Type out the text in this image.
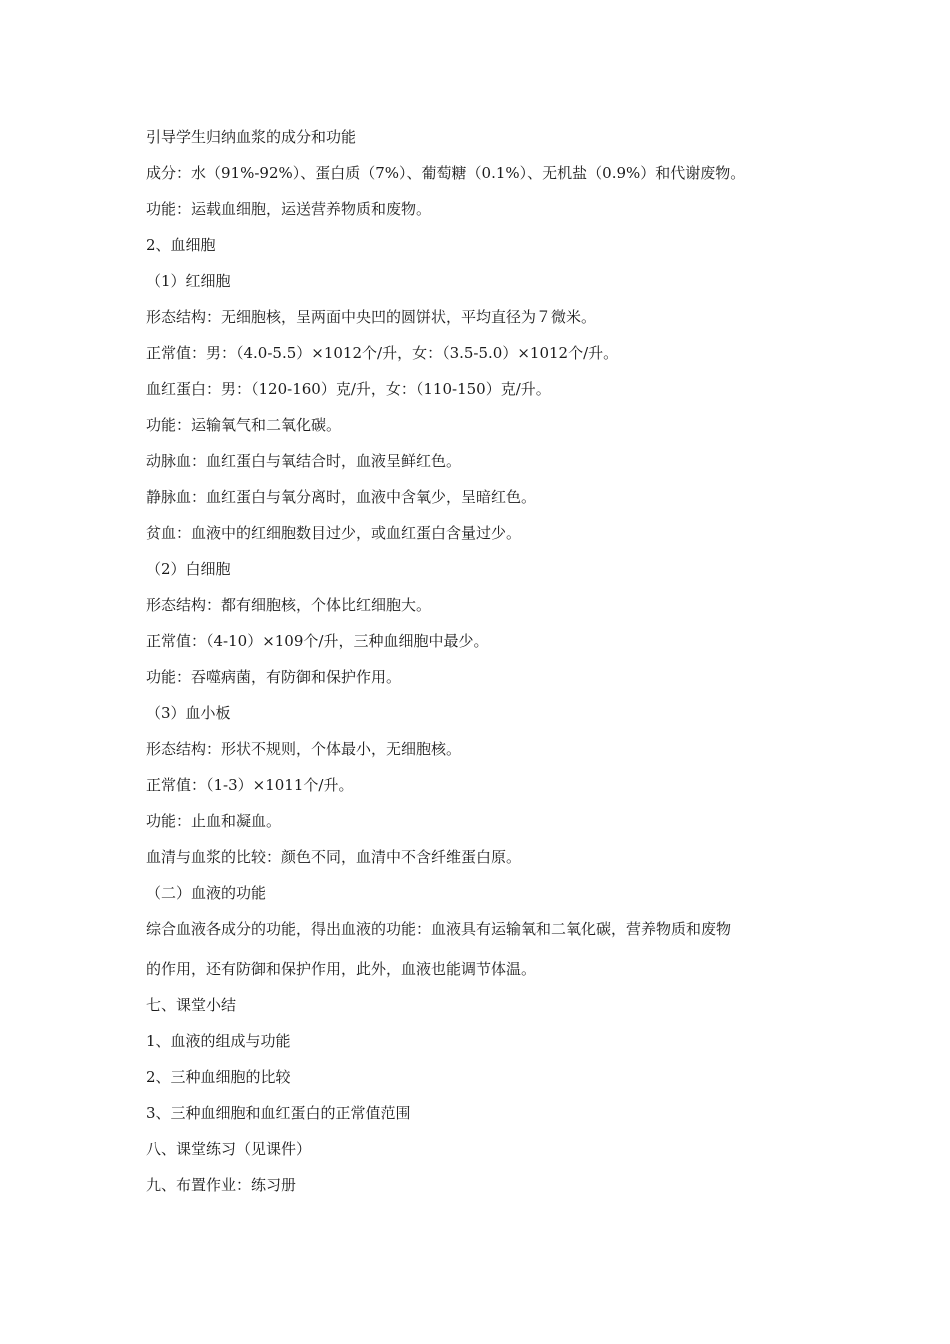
引导学生归纳血浆的成分和功能
成分：水（91%-92%）、蛋白质（7%）、葡萄糖（0.1%）、无机盐（0.9%）和代谢废物。
功能：运载血细胞，运送营养物质和废物。
2、血细胞
（1）红细胞
形态结构：无细胞核，呈两面中央凹的圆饼状，平均直径为７微米。
正常值：男：（4.0-5.5）×1012个/升，女：（3.5-5.0）×1012个/升。
血红蛋白：男：（120-160）克/升，女：（110-150）克/升。
功能：运输氧气和二氧化碳。
动脉血：血红蛋白与氧结合时，血液呈鲜红色。
静脉血：血红蛋白与氧分离时，血液中含氧少，呈暗红色。
贫血：血液中的红细胞数目过少，或血红蛋白含量过少。
（2）白细胞
形态结构：都有细胞核，个体比红细胞大。
正常值：（4-10）×109个/升，三种血细胞中最少。
功能：吞噬病菌，有防御和保护作用。
（3）血小板
形态结构：形状不规则，个体最小，无细胞核。
正常值：（1-3）×1011个/升。
功能：止血和凝血。
血清与血浆的比较：颜色不同，血清中不含纤维蛋白原。
（二）血液的功能
综合血液各成分的功能，得出血液的功能：血液具有运输氧和二氧化碳，营养物质和废物
的作用，还有防御和保护作用，此外，血液也能调节体温。
七、课堂小结
1、血液的组成与功能
2、三种血细胞的比较
3、三种血细胞和血红蛋白的正常值范围
八、课堂练习（见课件）
九、布置作业：练习册
